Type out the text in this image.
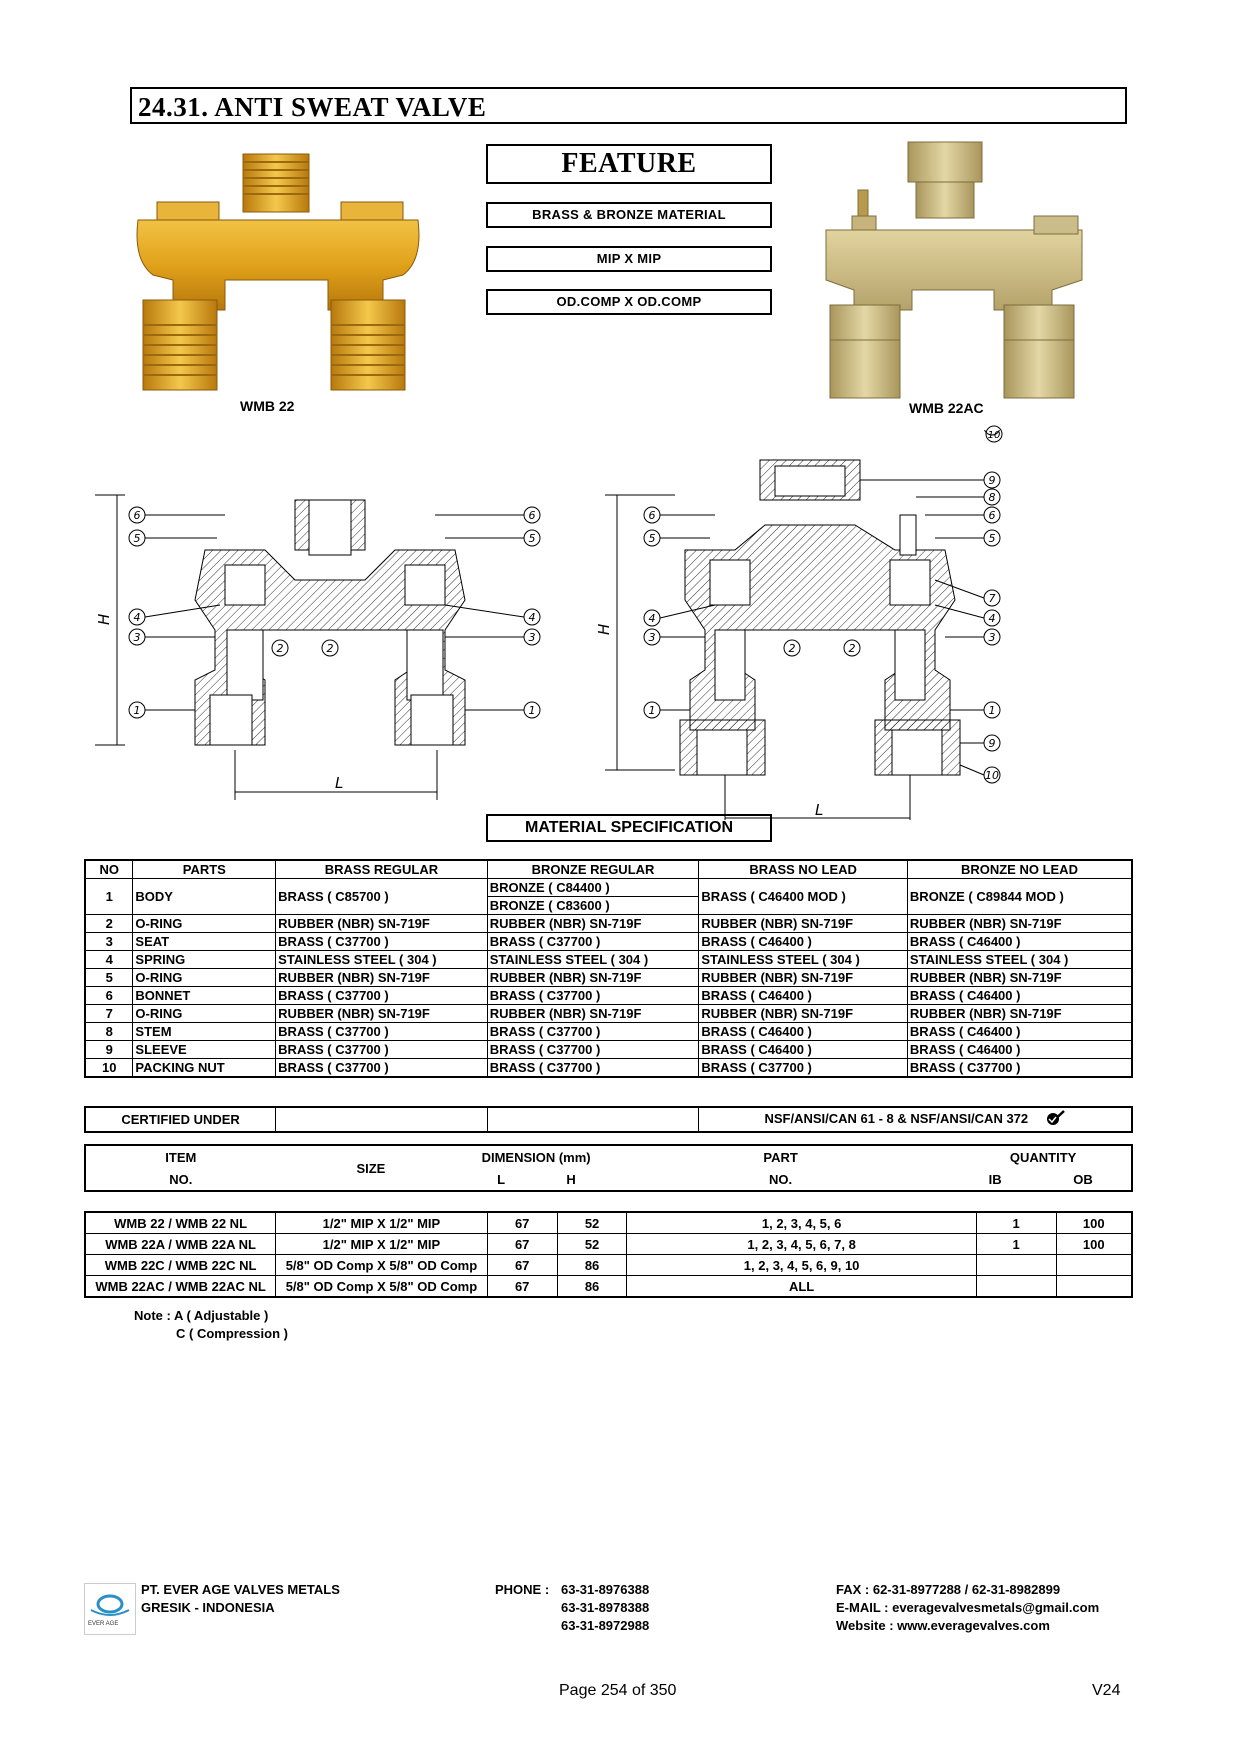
24.31. ANTI SWEAT VALVE
FEATURE
BRASS & BRONZE MATERIAL
MIP X MIP
OD.COMP X OD.COMP
WMB 22	WMB 22AC
6
5
4
3
1
2	2
6
5
4
3
1
H
L
6
5
4
3
1
2	2
9
8
6
5
7
4
3
1
9
10
H
L
10
MATERIAL SPECIFICATION
NO	PARTS	BRASS REGULAR	BRONZE REGULAR	BRASS NO LEAD	BRONZE NO LEAD
1	BODY	BRASS ( C85700 )	BRONZE ( C84400 )	BRASS ( C46400 MOD )	BRONZE ( C89844 MOD )
			BRONZE ( C83600 )		
2	O-RING	RUBBER (NBR) SN-719F	RUBBER (NBR) SN-719F	RUBBER (NBR) SN-719F	RUBBER (NBR) SN-719F
3	SEAT	BRASS ( C37700 )	BRASS ( C37700 )	BRASS ( C46400 )	BRASS ( C46400 )
4	SPRING	STAINLESS STEEL ( 304 )	STAINLESS STEEL ( 304 )	STAINLESS STEEL ( 304 )	STAINLESS STEEL ( 304 )
5	O-RING	RUBBER (NBR) SN-719F	RUBBER (NBR) SN-719F	RUBBER (NBR) SN-719F	RUBBER (NBR) SN-719F
6	BONNET	BRASS ( C37700 )	BRASS ( C37700 )	BRASS ( C46400 )	BRASS ( C46400 )
7	O-RING	RUBBER (NBR) SN-719F	RUBBER (NBR) SN-719F	RUBBER (NBR) SN-719F	RUBBER (NBR) SN-719F
8	STEM	BRASS ( C37700 )	BRASS ( C37700 )	BRASS ( C46400 )	BRASS ( C46400 )
9	SLEEVE	BRASS ( C37700 )	BRASS ( C37700 )	BRASS ( C46400 )	BRASS ( C46400 )
10	PACKING NUT	BRASS ( C37700 )	BRASS ( C37700 )	BRASS ( C37700 )	BRASS ( C37700 )
CERTIFIED UNDER			NSF/ANSI/CAN 61 - 8 & NSF/ANSI/CAN 372
ITEM	SIZE	DIMENSION (mm)		PART	QUANTITY	
NO.		L	H	NO.	IB	OB
WMB 22 / WMB 22 NL	1/2" MIP X 1/2" MIP	67	52	1, 2, 3, 4, 5, 6	1	100
WMB 22A / WMB 22A NL	1/2" MIP X 1/2" MIP	67	52	1, 2, 3, 4, 5, 6, 7, 8	1	100
WMB 22C / WMB 22C NL	5/8" OD Comp X 5/8" OD Comp	67	86	1, 2, 3, 4, 5, 6, 9, 10		
WMB 22AC / WMB 22AC NL	5/8" OD Comp X 5/8" OD Comp	67	86	ALL		
Note : A ( Adjustable )
C ( Compression )
EVER AGE
PT. EVER AGE VALVES METALS
GRESIK - INDONESIA
PHONE : 63-31-8976388
63-31-8978388
63-31-8972988
FAX : 62-31-8977288 / 62-31-8982899
E-MAIL : everagevalvesmetals@gmail.com
Website : www.everagevalves.com
Page 254 of 350	V24
